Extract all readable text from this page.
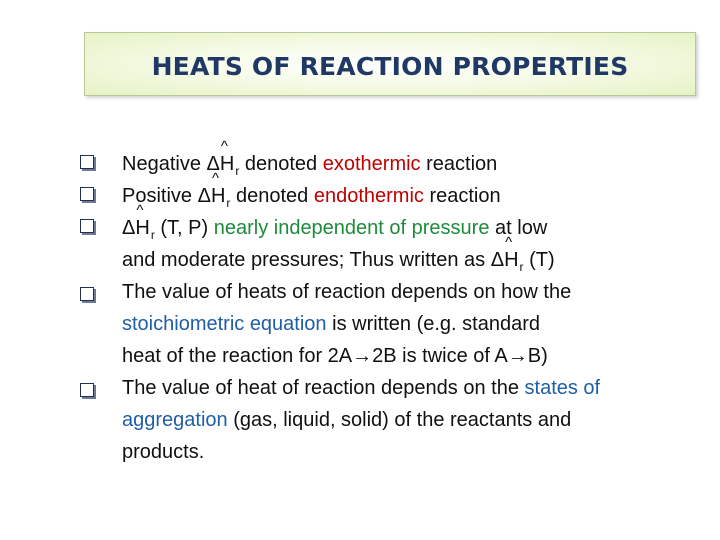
HEATS OF REACTION PROPERTIES
Negative Δ
^
$H_r$ denoted exothermic reaction
Positive Δ
^
$H_r$ denoted endothermic reaction
Δ
^
$H_r$ (T, P) nearly independent of pressure at low
and moderate pressures; Thus written as Δ
^
$H_r$ (T)
The value of heats of reaction depends on how the
stoichiometric equation is written (e.g. standard
heat of the reaction for 2A→2B is twice of A→B)
The value of heat of reaction depends on the states of
aggregation (gas, liquid, solid) of the reactants and
products.
